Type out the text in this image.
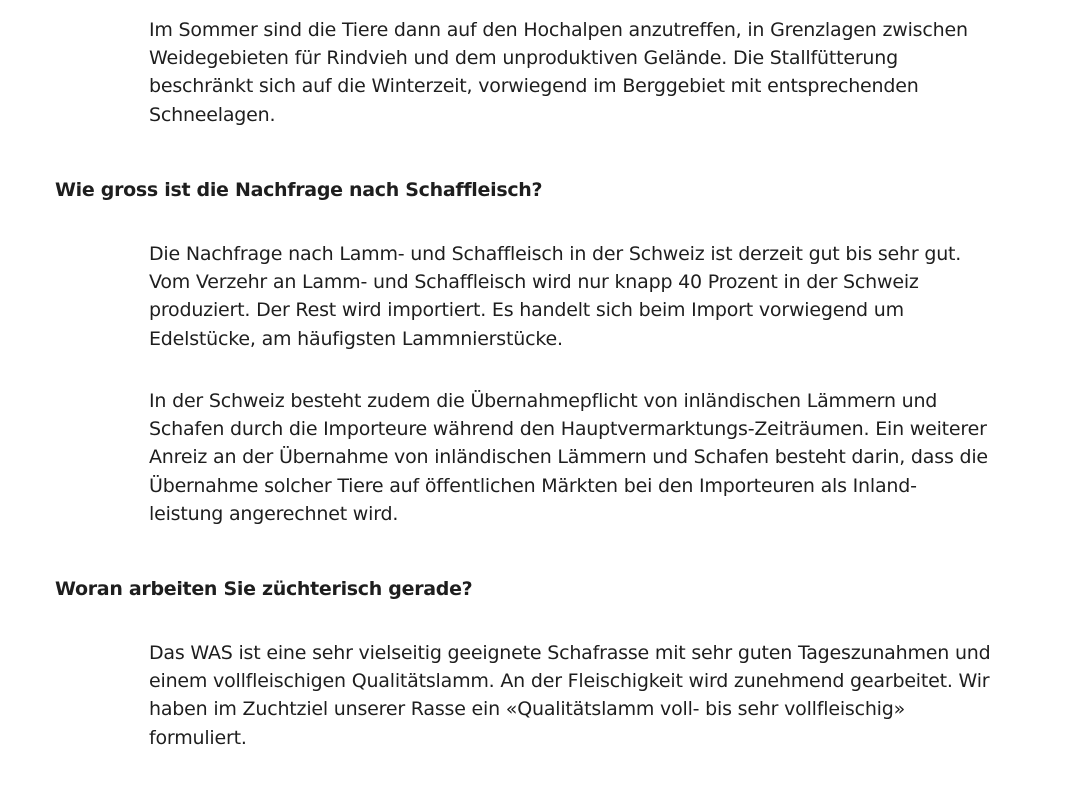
Im Sommer sind die Tiere dann auf den Hochalpen anzutreffen, in Grenzlagen zwischen
Weidegebieten für Rindvieh und dem unproduktiven Gelände. Die Stallfütterung
beschränkt sich auf die Winterzeit, vorwiegend im Berggebiet mit entsprechenden
Schneelagen.

Wie gross ist die Nachfrage nach Schaffleisch?

Die Nachfrage nach Lamm- und Schaffleisch in der Schweiz ist derzeit gut bis sehr gut.
Vom Verzehr an Lamm- und Schaffleisch wird nur knapp 40 Prozent in der Schweiz
produziert. Der Rest wird importiert. Es handelt sich beim Import vorwiegend um
Edelstücke, am häufigsten Lammnierstücke.

In der Schweiz besteht zudem die Übernahmepflicht von inländischen Lämmern und
Schafen durch die Importeure während den Hauptvermarktungs-Zeiträumen. Ein weiterer
Anreiz an der Übernahme von inländischen Lämmern und Schafen besteht darin, dass die
Übernahme solcher Tiere auf öffentlichen Märkten bei den Importeuren als Inland-
leistung angerechnet wird.

Woran arbeiten Sie züchterisch gerade?

Das WAS ist eine sehr vielseitig geeignete Schafrasse mit sehr guten Tageszunahmen und
einem vollfleischigen Qualitätslamm. An der Fleischigkeit wird zunehmend gearbeitet. Wir
haben im Zuchtziel unserer Rasse ein «Qualitätslamm voll- bis sehr vollfleischig»
formuliert.
